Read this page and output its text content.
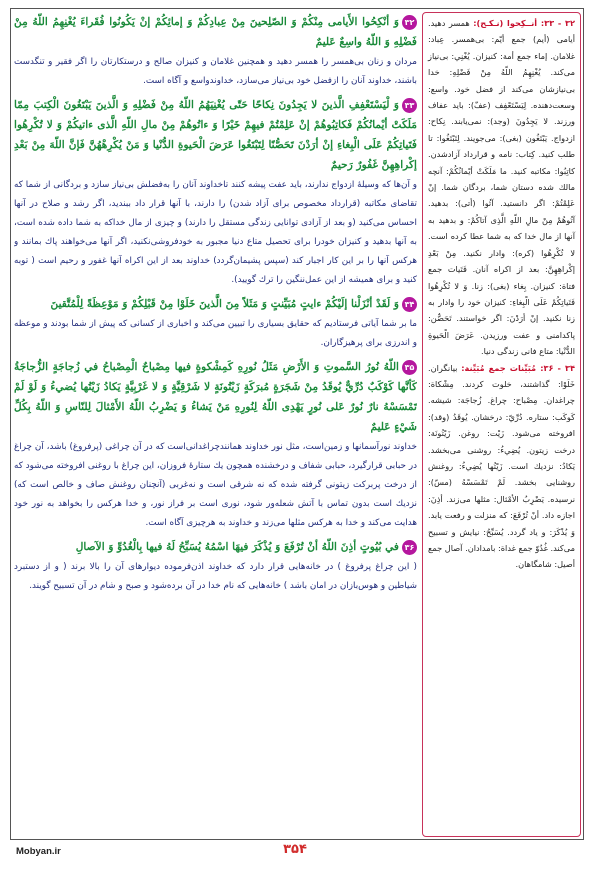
۳۲ - ۳۳: أنــكِحوا (نـكـح): همسر دهيد. أيامى (أيم) جمع أيّم: بى‌همسر. عِباد: غلامان. إماء جمع أمة: كنيزان. يُغْنِي: بى‌نياز مى‌كند. يُغْنِهِمُ اللّهُ مِنْ فَضْلِهِ: خدا بى‌نيازشان مى‌كند از فضل خود. واسع: وسعت‌دهنده. لِيَسْتَعْفِف (عفّ): بايد عفاف ورزند. لا يَجِدُونَ (وجد): نمى‌يابند. نِكاح: ازدواج. يَبْتَغُون (بغى): مى‌جويند. لِتَبْتَغُوا: تا طلب كنيد. كِتاب: نامه و قرارداد آزادشدن. كاتِبُوا: مكاتبه كنيد. ما مَلَكَتْ أيْمانُكُمْ: آنچه مالك شده دستان شما، بردگان شما. إنْ عَلِمْتُمْ: اگر دانستيد. آتُوا (أتى): بدهيد. آتُوهُمْ مِنْ مالِ اللّهِ الَّذِى آتاكُمْ: و بدهيد به آنها از مال خدا كه به شما عطا كرده است. لا تُكْرِهُوا (كره): وادار نكنيد. مِنْ بَعْدِ إكْراهِهِنَّ: بعد از اكراه آنان. فَتَيات جمع فتاة: كنيزان. بِغاء (بغى): زنا. وَ لا تُكْرِهُوا فَتَياتِكُمْ عَلَى الْبِغاءِ: كنيزان خود را وادار به زنا نكنيد. إنْ أرَدْنَ: اگر خواستند. تَحَصُّن: پاكدامنى و عفت ورزيدن. عَرَضَ الْحَيوةِ الدُّنْيا: متاع فانى زندگى دنيا.
۳۴ - ۳۶: مُبَيِّنات جمع مُبَيِّنة: بيانگران. خَلَوْا: گذاشتند، خلوت كردند. مِشْكاة: چراغدان. مِصْباح: چراغ. زُجاجَة: شيشه. كَوكَب: ستاره. دُرِّيّ: درخشان. يُوقَدُ (وقد): افروخته مى‌شود. زَيْت: روغن. زَيْتُونَة: درخت زيتون. يُضِيءُ: روشنى مى‌بخشد. يَكادُ: نزديك است. زَيْتُها يُضِيءُ: روغنش روشنايى بخشد. لَمْ تَمْسَسْهُ (مسّ): نرسيده. يَضْرِبُ الأمْثال: مثلها مى‌زند. أذِنَ: اجازه داد. أنْ تُرْفَعَ: كه منزلت و رفعت يابد. وَ يُذْكَرَ: و ياد گردد. يُسَبِّحُ: نيايش و تسبيح مى‌كند. غُدُوّ جمع غداة: بامدادان. آصال جمع أصيل: شامگاهان.

۳۲وَ أنْكِحُوا الأَيامى مِنْكُمْ وَ الصّلِحينَ مِنْ عِبادِكُمْ وَ إمائِكُمْ إنْ يَكُونُوا فُقَراءَ يُغْنِهِمُ اللّهُ مِنْ فَضْلِهِ وَ اللّهُ واسِعٌ عَليمٌ

مردان و زنان بى‌همسر را همسر دهيد و همچنين غلامان و كنيزان صالح و درستكارتان را اگر فقير و تنگدست باشند، خداوند آنان را ازفضل خود بى‌نياز مى‌سازد، خداوندواسع و آگاه است.

۳۳وَ لْيَسْتَعْفِفِ الَّذينَ لا يَجِدُونَ نِكاحًا حَتّى يُغْنِيَهُمُ اللّهُ مِنْ فَضْلِهِ وَ الَّذينَ يَبْتَغُونَ الْكِتبَ مِمّا مَلَكَتْ أيْمانُكُمْ فَكاتِبُوهُمْ إنْ عَلِمْتُمْ فيهِمْ خَيْرًا وَ ءاتُوهُمْ مِنْ مالِ اللّهِ الَّذى ءاتيكُمْ وَ لا تُكْرِهُوا فَتَياتِكُمْ عَلَى الْبِغاءِ إنْ أرَدْنَ تَحَصُّنًا لِتَبْتَغُوا عَرَضَ الْحَيوةِ الدُّنْيا وَ مَنْ يُكْرِهْهُنَّ فَإنَّ اللّهَ مِنْ بَعْدِ إكْراهِهِنَّ غَفُورٌ رَحيمٌ

و آن‌ها كه وسيلۀ ازدواج ندارند، بايد عفت پيشه كنند تاخداوند آنان را به‌فضلش بى‌نياز سازد و بردگانى از شما كه تقاضاى مكاتبه (قرارداد مخصوص براى آزاد شدن) را دارند، با آنها قرار داد ببنديد، اگر رشد و صلاح در آنها احساس مى‌كنيد (و بعد از آزادى توانايى زندگى مستقل را دارند) و چيزى از مال خداكه به شما داده شده است، به آنها بدهيد و كنيزان خودرا براى تحصيل متاع دنيا مجبور به خودفروشى‌نكنيد، اگر آنها مى‌خواهند پاك بمانند و هركس آنها را بر اين كار اجبار كند (سپس پشيمان‌گردد) خداوند بعد از اين اكراه آنها غفور و رحيم است ( توبه كنيد و براى هميشه از اين عمل‌ننگين را ترك گوييد).

۳۴وَ لَقَدْ أنْزَلْنا إلَيْكُمْ ءايتٍ مُبَيِّنتٍ وَ مَثَلاً مِنَ الَّذينَ خَلَوْا مِنْ قَبْلِكُمْ وَ مَوْعِظَةً لِلْمُتَّقينَ

ما بر شما آياتى فرستاديم كه حقايق بسيارى را تبيين مى‌كند و اخبارى از كسانى كه پيش از شما بودند و موعظه و اندرزى براى پرهيزگاران.

۳۵اللّهُ نُورُ السَّموتِ وَ الأَرْضِ مَثَلُ نُورِهِ كَمِشْكوةٍ فيها مِصْباحٌ الْمِصْباحُ في زُجاجَةٍ الزُّجاجَةُ كَأنَّها كَوْكَبٌ دُرِّيٌّ يُوقَدُ مِنْ شَجَرَةٍ مُبرَكَةٍ زَيْتُونَةٍ لا شَرْقِيَّةٍ وَ لا غَرْبِيَّةٍ يَكادُ زَيْتُها يُضيءُ وَ لَوْ لَمْ تَمْسَسْهُ نارٌ نُورٌ عَلى نُورٍ يَهْدِى اللّهُ لِنُورِهِ مَنْ يَشاءُ وَ يَضْرِبُ اللّهُ الأَمْثالَ لِلنّاسِ وَ اللّهُ بِكُلِّ شَيْءٍ عَليمٌ

خداوند نورآسمانها و زمين‌است، مثل نور خداوند همانندچراغدانى‌است كه در آن چراغى (پرفروغ) باشد، آن چراغ در حبابى قرارگيرد، حبابى شفاف و درخشنده همچون يك ستارۀ فروزان، اين چراغ با روغنى افروخته مى‌شود كه از درخت پربركت زيتونى گرفته شده كه نه شرقى است و نه‌غربى (آنچنان روغنش صاف و خالص است كه) نزديك است بدون تماس با آتش شعله‌ور شود، نورى است بر فراز نور، و خدا هر‌كس را بخواهد به نور خود هدايت مى‌كند و خدا به هر‌كس مثلها مى‌زند و خداوند به هرچيزى آگاه است.

۳۶في بُيُوتٍ أذِنَ اللّهُ أنْ تُرْفَعَ وَ يُذْكَرَ فيهَا اسْمُهُ يُسَبِّحُ لَهُ فيها بِالْغُدُوِّ وَ الآصالِ

( اين چراغ پرفروغ ) در خانه‌هايى قرار دارد كه خداوند اذن‌فرموده ديوارهاى آن را بالا برند ( و از دستبرد شياطين و هوس‌بازان در امان باشد ) خانه‌هايى كه نام خدا در آن برده‌شود و صبح و شام در آن تسبيح گويند.

۳۵۴
Mobyan.ir
